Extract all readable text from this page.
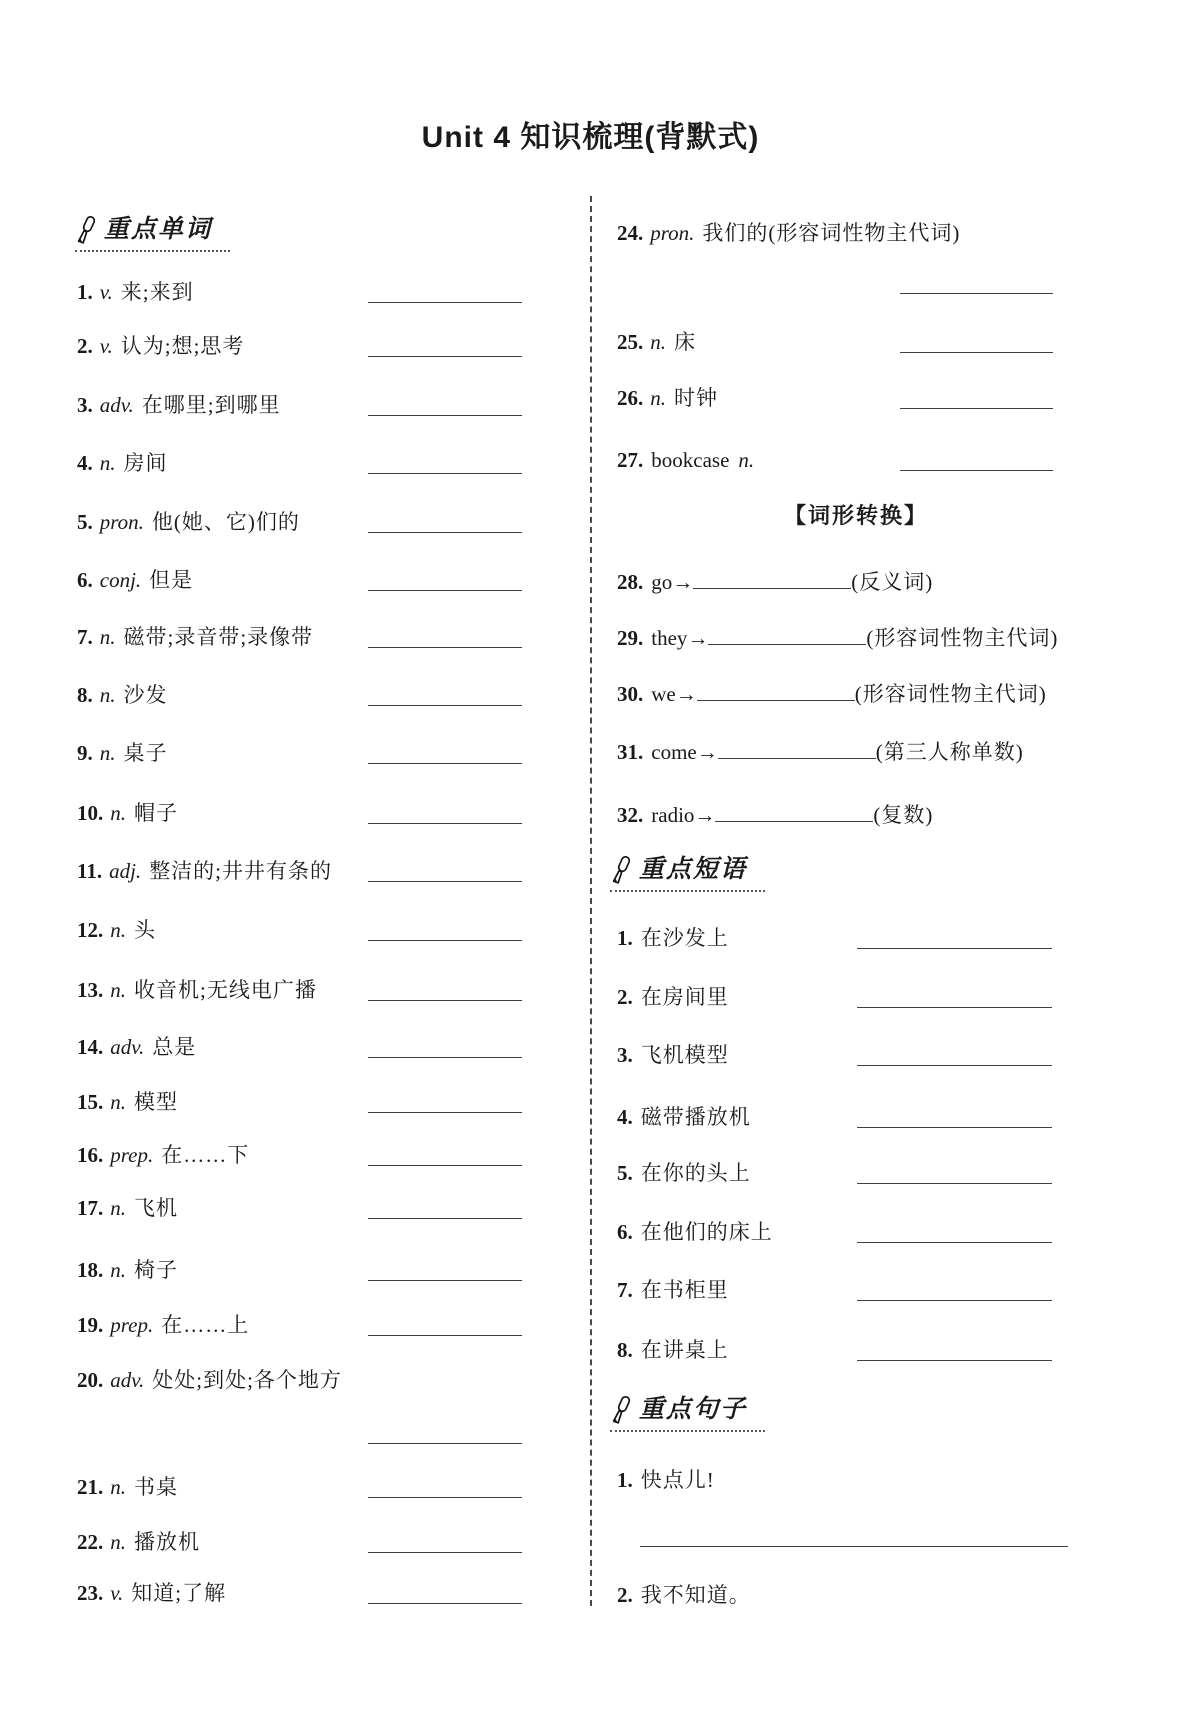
Unit 4 知识梳理(背默式)
重点单词
1. v. 来;来到
2. v. 认为;想;思考
3. adv. 在哪里;到哪里
4. n. 房间
5. pron. 他(她、它)们的
6. conj. 但是
7. n. 磁带;录音带;录像带
8. n. 沙发
9. n. 桌子
10. n. 帽子
11. adj. 整洁的;井井有条的
12. n. 头
13. n. 收音机;无线电广播
14. adv. 总是
15. n. 模型
16. prep. 在……下
17. n. 飞机
18. n. 椅子
19. prep. 在……上
20. adv. 处处;到处;各个地方
21. n. 书桌
22. n. 播放机
23. v. 知道;了解
24. pron. 我们的(形容词性物主代词)
25. n. 床
26. n. 时钟
27. bookcase n.
【词形转换】
28. go→	(反义词)
29. they→	(形容词性物主代词)
30. we→	(形容词性物主代词)
31. come→	(第三人称单数)
32. radio→	(复数)
重点短语
1. 在沙发上
2. 在房间里
3. 飞机模型
4. 磁带播放机
5. 在你的头上
6. 在他们的床上
7. 在书柜里
8. 在讲桌上
重点句子
1. 快点儿!
2. 我不知道。
